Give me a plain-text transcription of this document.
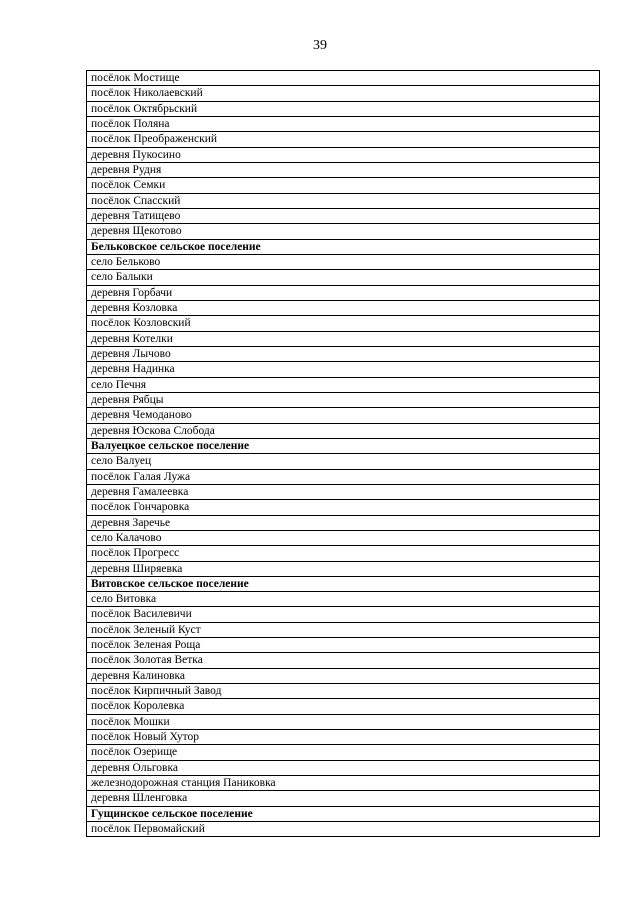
39
посёлок Мостище
посёлок Николаевский
посёлок Октябрьский
посёлок Поляна
посёлок Преображенский
деревня Пукосино
деревня Рудня
посёлок Семки
посёлок Спасский
деревня Татищево
деревня Щекотово
Бельковское сельское поселение
село Бельково
село Балыки
деревня Горбачи
деревня Козловка
посёлок Козловский
деревня Котелки
деревня Лычово
деревня Надинка
село Печня
деревня Рябцы
деревня Чемоданово
деревня Юскова Слобода
Валуецкое сельское поселение
село Валуец
посёлок Галая Лужа
деревня Гамалеевка
посёлок Гончаровка
деревня Заречье
село Калачово
посёлок Прогресс
деревня Ширяевка
Витовское сельское поселение
село Витовка
посёлок Василевичи
посёлок Зеленый Куст
посёлок Зеленая Роща
посёлок Золотая Ветка
деревня Калиновка
посёлок Кирпичный Завод
посёлок Королевка
посёлок Мошки
посёлок Новый Хутор
посёлок Озерище
деревня Ольговка
железнодорожная станция Паниковка
деревня Шленговка
Гущинское сельское поселение
посёлок Первомайский
